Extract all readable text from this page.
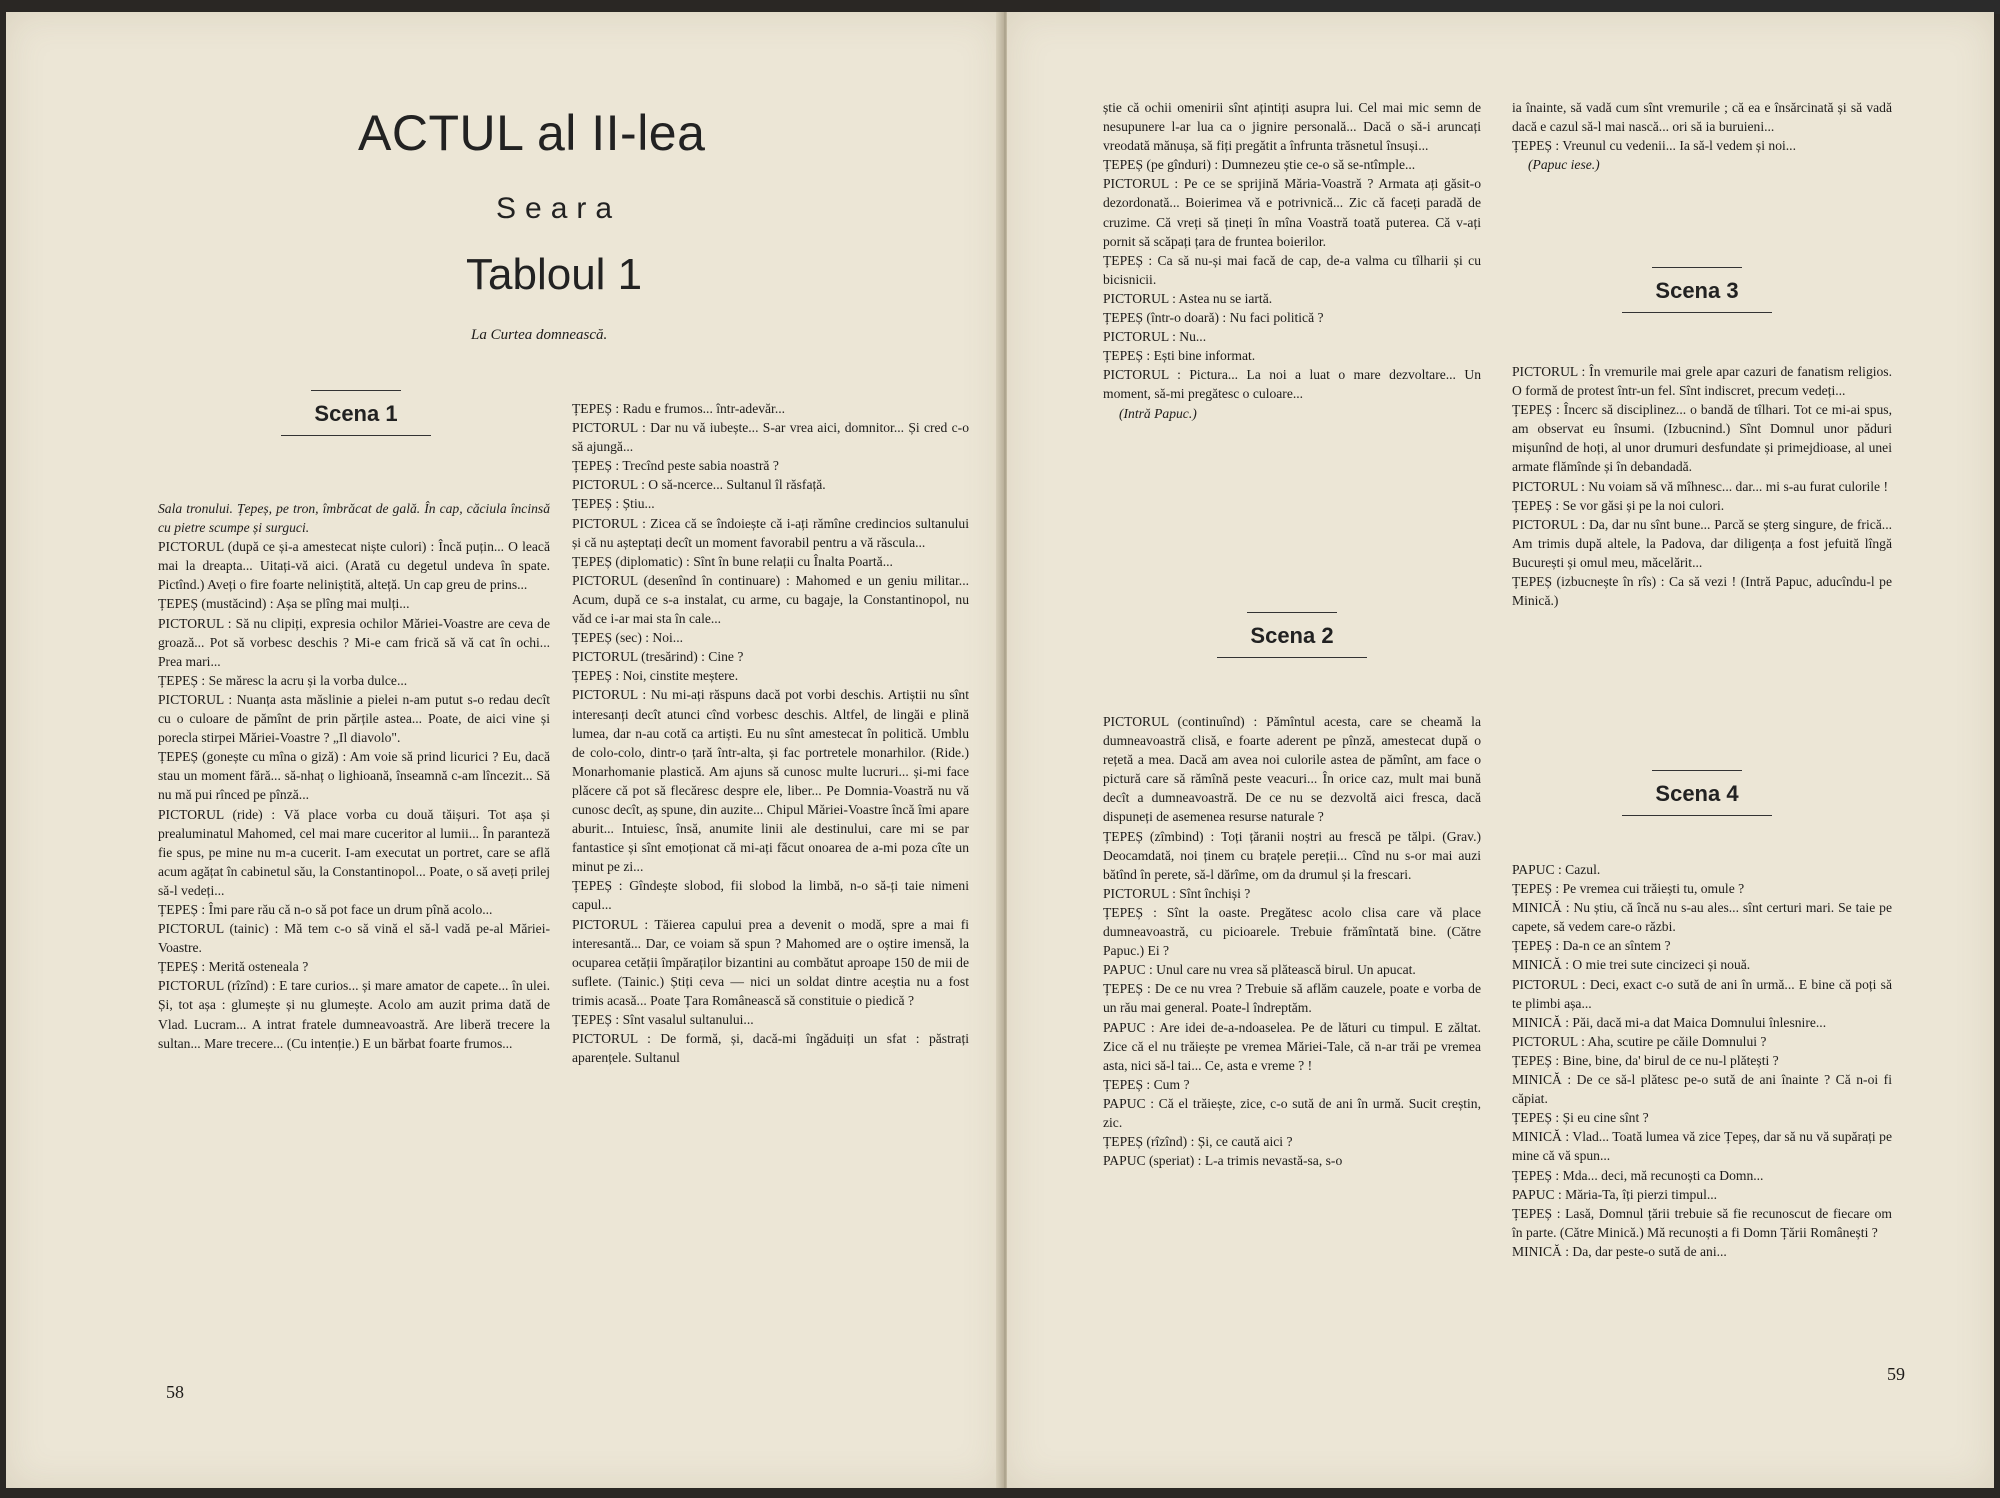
ACTUL al II-lea
Seara
Tabloul 1
La Curtea domnească.
Scena 1

Sala tronului. Țepeș, pe tron, îmbrăcat de gală. În cap, căciula încinsă cu pietre scumpe și surguci.

PICTORUL (după ce și-a amestecat niște culori) : Încă puțin... O leacă mai la dreapta... Uitați-vă aici. (Arată cu degetul undeva în spate. Pictînd.) Aveți o fire foarte neliniștită, alteță. Un cap greu de prins...

ȚEPEȘ (mustăcind) : Așa se plîng mai mulți...

PICTORUL : Să nu clipiți, expresia ochilor Măriei-Voastre are ceva de groază... Pot să vorbesc deschis ? Mi-e cam frică să vă cat în ochi... Prea mari...

ȚEPEȘ : Se măresc la acru și la vorba dulce...

PICTORUL : Nuanța asta măslinie a pielei n-am putut s-o redau decît cu o culoare de pămînt de prin părțile astea... Poate, de aici vine și porecla stirpei Măriei-Voastre ? „Il diavolo".

ȚEPEȘ (gonește cu mîna o giză) : Am voie să prind licurici ? Eu, dacă stau un moment fără... să-nhaț o lighioană, înseamnă c-am lîncezit... Să nu mă pui rînced pe pînză...

PICTORUL (ride) : Vă place vorba cu două tăișuri. Tot așa și prealuminatul Mahomed, cel mai mare cuceritor al lumii... În paranteză fie spus, pe mine nu m-a cucerit. I-am executat un portret, care se află acum agățat în cabinetul său, la Constantinopol... Poate, o să aveți prilej să-l vedeți...

ȚEPEȘ : Îmi pare rău că n-o să pot face un drum pînă acolo...

PICTORUL (tainic) : Mă tem c-o să vină el să-l vadă pe-al Măriei-Voastre.

ȚEPEȘ : Merită osteneala ?

PICTORUL (rîzînd) : E tare curios... și mare amator de capete... în ulei. Și, tot așa : glumește și nu glumește. Acolo am auzit prima dată de Vlad. Lucram... A intrat fratele dumneavoastră. Are liberă trecere la sultan... Mare trecere... (Cu intenție.) E un bărbat foarte frumos...

ȚEPEȘ : Radu e frumos... într-adevăr...

PICTORUL : Dar nu vă iubește... S-ar vrea aici, domnitor... Și cred c-o să ajungă...

ȚEPEȘ : Trecînd peste sabia noastră ?

PICTORUL : O să-ncerce... Sultanul îl răsfață.

ȚEPEȘ : Știu...

PICTORUL : Zicea că se îndoiește că i-ați rămîne credincios sultanului și că nu așteptați decît un moment favorabil pentru a vă răscula...

ȚEPEȘ (diplomatic) : Sînt în bune relații cu Înalta Poartă...

PICTORUL (desenînd în continuare) : Mahomed e un geniu militar... Acum, după ce s-a instalat, cu arme, cu bagaje, la Constantinopol, nu văd ce i-ar mai sta în cale...

ȚEPEȘ (sec) : Noi...

PICTORUL (tresărind) : Cine ?

ȚEPEȘ : Noi, cinstite meștere.

PICTORUL : Nu mi-ați răspuns dacă pot vorbi deschis. Artiștii nu sînt interesanți decît atunci cînd vorbesc deschis. Altfel, de lingăi e plină lumea, dar n-au cotă ca artiști. Eu nu sînt amestecat în politică. Umblu de colo-colo, dintr-o țară într-alta, și fac portretele monarhilor. (Ride.) Monarhomanie plastică. Am ajuns să cunosc multe lucruri... și-mi face plăcere că pot să flecăresc despre ele, liber... Pe Domnia-Voastră nu vă cunosc decît, aș spune, din auzite... Chipul Măriei-Voastre încă îmi apare aburit... Intuiesc, însă, anumite linii ale destinului, care mi se par fantastice și sînt emoționat că mi-ați făcut onoarea de a-mi poza cîte un minut pe zi...

ȚEPEȘ : Gîndește slobod, fii slobod la limbă, n-o să-ți taie nimeni capul...

PICTORUL : Tăierea capului prea a devenit o modă, spre a mai fi interesantă... Dar, ce voiam să spun ? Mahomed are o oștire imensă, la ocuparea cetății împăraților bizantini au combătut aproape 150 de mii de suflete. (Tainic.) Știți ceva — nici un soldat dintre aceștia nu a fost trimis acasă... Poate Țara Românească să constituie o piedică ?

ȚEPEȘ : Sînt vasalul sultanului...

PICTORUL : De formă, și, dacă-mi îngăduiți un sfat : păstrați aparențele. Sultanul

58

știe că ochii omenirii sînt ațintiți asupra lui. Cel mai mic semn de nesupunere l-ar lua ca o jignire personală... Dacă o să-i aruncați vreodată mănușa, să fiți pregătit a înfrunta trăsnetul însuși...

ȚEPEȘ (pe gînduri) : Dumnezeu știe ce-o să se-ntîmple...

PICTORUL : Pe ce se sprijină Măria-Voastră ? Armata ați găsit-o dezordonată... Boierimea vă e potrivnică... Zic că faceți paradă de cruzime. Că vreți să țineți în mîna Voastră toată puterea. Că v-ați pornit să scăpați țara de fruntea boierilor.

ȚEPEȘ : Ca să nu-și mai facă de cap, de-a valma cu tîlharii și cu bicisnicii.

PICTORUL : Astea nu se iartă.

ȚEPEȘ (într-o doară) : Nu faci politică ?

PICTORUL : Nu...

ȚEPEȘ : Ești bine informat.

PICTORUL : Pictura... La noi a luat o mare dezvoltare... Un moment, să-mi pregătesc o culoare...

(Intră Papuc.)

Scena 2

PICTORUL (continuînd) : Pămîntul acesta, care se cheamă la dumneavoastră clisă, e foarte aderent pe pînză, amestecat după o rețetă a mea. Dacă am avea noi culorile astea de pămînt, am face o pictură care să rămînă peste veacuri... În orice caz, mult mai bună decît a dumneavoastră. De ce nu se dezvoltă aici fresca, dacă dispuneți de asemenea resurse naturale ?

ȚEPEȘ (zîmbind) : Toți țăranii noștri au frescă pe tălpi. (Grav.) Deocamdată, noi ținem cu brațele pereții... Cînd nu s-or mai auzi bătînd în perete, să-l dărîme, om da drumul și la frescari.

PICTORUL : Sînt închiși ?

ȚEPEȘ : Sînt la oaste. Pregătesc acolo clisa care vă place dumneavoastră, cu picioarele. Trebuie frămîntată bine. (Către Papuc.) Ei ?

PAPUC : Unul care nu vrea să plătească birul. Un apucat.

ȚEPEȘ : De ce nu vrea ? Trebuie să aflăm cauzele, poate e vorba de un rău mai general. Poate-l îndreptăm.

PAPUC : Are idei de-a-ndoaselea. Pe de lături cu timpul. E zăltat. Zice că el nu trăiește pe vremea Măriei-Tale, că n-ar trăi pe vremea asta, nici să-l tai... Ce, asta e vreme ? !

ȚEPEȘ : Cum ?

PAPUC : Că el trăiește, zice, c-o sută de ani în urmă. Sucit creștin, zic.

ȚEPEȘ (rîzînd) : Și, ce caută aici ?

PAPUC (speriat) : L-a trimis nevastă-sa, s-o

ia înainte, să vadă cum sînt vremurile ; că ea e însărcinată și să vadă dacă e cazul să-l mai nască... ori să ia buruieni...

ȚEPEȘ : Vreunul cu vedenii... Ia să-l vedem și noi...

(Papuc iese.)

Scena 3

PICTORUL : În vremurile mai grele apar cazuri de fanatism religios. O formă de protest într-un fel. Sînt indiscret, precum vedeți...

ȚEPEȘ : Încerc să disciplinez... o bandă de tîlhari. Tot ce mi-ai spus, am observat eu însumi. (Izbucnind.) Sînt Domnul unor păduri mișunînd de hoți, al unor drumuri desfundate și primejdioase, al unei armate flămînde și în debandadă.

PICTORUL : Nu voiam să vă mîhnesc... dar... mi s-au furat culorile !

ȚEPEȘ : Se vor găsi și pe la noi culori.

PICTORUL : Da, dar nu sînt bune... Parcă se șterg singure, de frică... Am trimis după altele, la Padova, dar diligența a fost jefuită lîngă București și omul meu, măcelărit...

ȚEPEȘ (izbucnește în rîs) : Ca să vezi ! (Intră Papuc, aducîndu-l pe Minică.)

Scena 4

PAPUC : Cazul.

ȚEPEȘ : Pe vremea cui trăiești tu, omule ?

MINICĂ : Nu știu, că încă nu s-au ales... sînt certuri mari. Se taie pe capete, să vedem care-o răzbi.

ȚEPEȘ : Da-n ce an sîntem ?

MINICĂ : O mie trei sute cincizeci și nouă.

PICTORUL : Deci, exact c-o sută de ani în urmă... E bine că poți să te plimbi așa...

MINICĂ : Păi, dacă mi-a dat Maica Domnului înlesnire...

PICTORUL : Aha, scutire pe căile Domnului ?

ȚEPEȘ : Bine, bine, da' birul de ce nu-l plătești ?

MINICĂ : De ce să-l plătesc pe-o sută de ani înainte ? Că n-oi fi căpiat.

ȚEPEȘ : Și eu cine sînt ?

MINICĂ : Vlad... Toată lumea vă zice Țepeș, dar să nu vă supărați pe mine că vă spun...

ȚEPEȘ : Mda... deci, mă recunoști ca Domn...

PAPUC : Măria-Ta, îți pierzi timpul...

ȚEPEȘ : Lasă, Domnul țării trebuie să fie recunoscut de fiecare om în parte. (Către Minică.) Mă recunoști a fi Domn Țării Românești ?

MINICĂ : Da, dar peste-o sută de ani...

59
